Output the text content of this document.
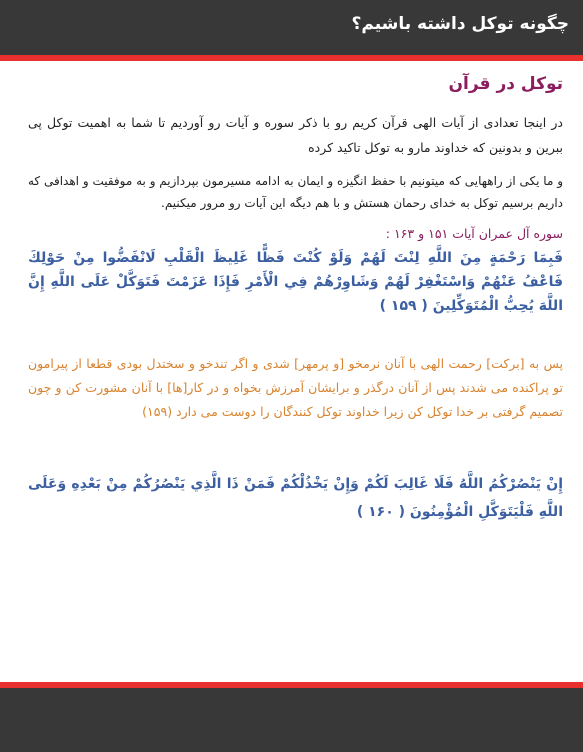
چگونه توکل داشته باشیم؟
توکل در قرآن

در اینجا تعدادی از آیات الهی قرآن کریم رو با ذکر سوره و آیات رو آوردیم تا شما به اهمیت توکل پی ببرین و بدونین که خداوند مارو به توکل تاکید کرده

و ما یکی از راههایی که میتونیم با حفظ انگیزه و ایمان به ادامه مسیرمون بپردازیم و به موفقیت و اهدافی که داریم برسیم توکل به خدای رحمان هستش و با هم دیگه این آیات رو مرور میکنیم.

سوره آل عمران آیات ۱۵۱ و ۱۶۳ :
فَبِمَا رَحْمَةٍ مِنَ اللَّهِ لِنْتَ لَهُمْ وَلَوْ كُنْتَ فَظًّا غَلِيظَ الْقَلْبِ لَانْفَضُّوا مِنْ حَوْلِكَ فَاعْفُ عَنْهُمْ وَاسْتَغْفِرْ لَهُمْ وَشَاوِرْهُمْ فِي الْأَمْرِ فَإِذَا عَزَمْتَ فَتَوَكَّلْ عَلَى اللَّهِ إِنَّ اللَّهَ يُحِبُّ الْمُتَوَكِّلِينَ ( ۱۵۹ )
پس به [برکت] رحمت الهی با آنان نرمخو [و پرمهر] شدی و اگر تندخو و سختدل بودی قطعا از پیرامون تو پراکنده می شدند پس از آنان درگذر و برایشان آمرزش بخواه و در کار[ها] با آنان مشورت کن و چون تصمیم گرفتی بر خدا توکل کن زیرا خداوند توکل کنندگان را دوست می دارد (۱۵۹)
إِنْ يَنْصُرْكُمُ اللَّهُ فَلَا غَالِبَ لَكُمْ وَإِنْ يَخْذُلْكُمْ فَمَنْ ذَا الَّذِي يَنْصُرُكُمْ مِنْ بَعْدِهِ وَعَلَى اللَّهِ فَلْيَتَوَكَّلِ الْمُؤْمِنُونَ ( ۱۶۰ )
